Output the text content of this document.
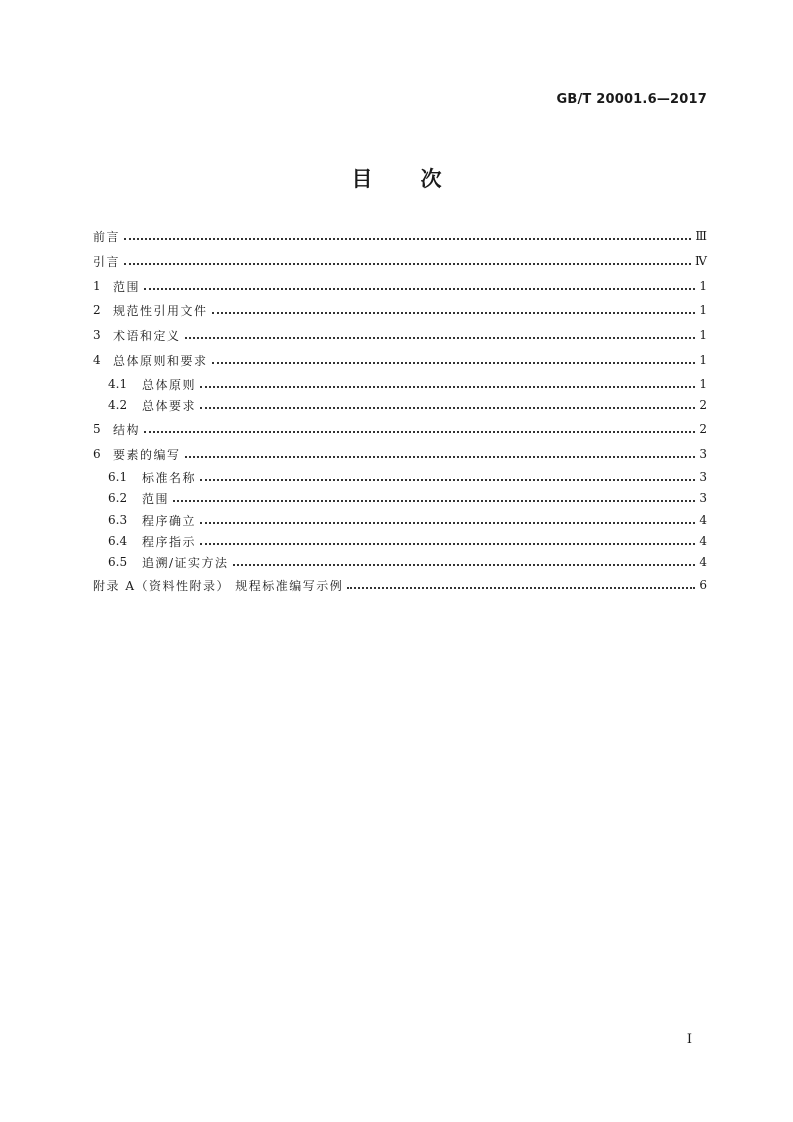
GB/T 20001.6—2017
目次
前言	Ⅲ
引言	Ⅳ
1	范围	1
2	规范性引用文件	1
3	术语和定义	1
4	总体原则和要求	1
4.1	总体原则	1
4.2	总体要求	2
5	结构	2
6	要素的编写	3
6.1	标准名称	3
6.2	范围	3
6.3	程序确立	4
6.4	程序指示	4
6.5	追溯/证实方法	4
附录 A（资料性附录） 规程标准编写示例	6
I
